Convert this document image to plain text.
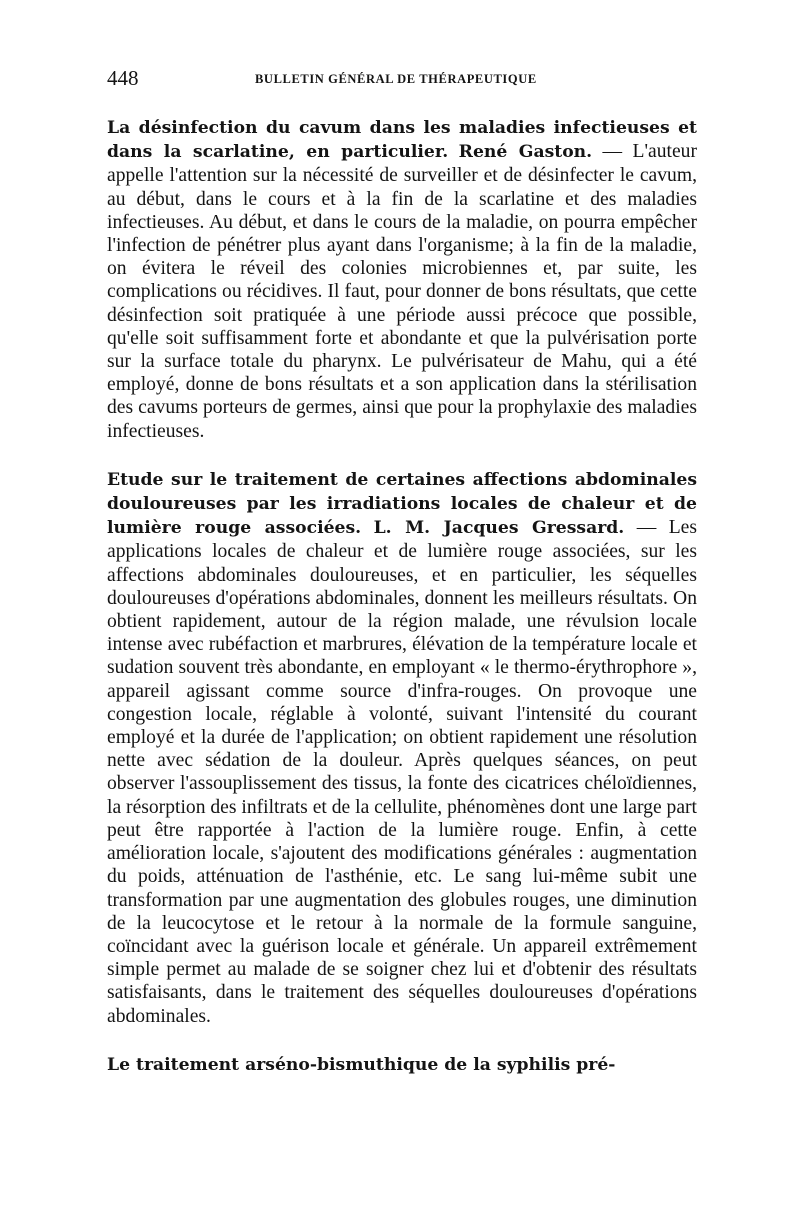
448	BULLETIN GÉNÉRAL DE THÉRAPEUTIQUE

La désinfection du cavum dans les maladies infectieuses et dans la scarlatine, en particulier. René Gaston. — L'auteur appelle l'attention sur la nécessité de surveiller et de désinfecter le cavum, au début, dans le cours et à la fin de la scarlatine et des maladies infectieuses. Au début, et dans le cours de la maladie, on pourra empêcher l'infection de pénétrer plus ayant dans l'organisme; à la fin de la maladie, on évitera le réveil des colonies microbiennes et, par suite, les complications ou récidives. Il faut, pour donner de bons résultats, que cette désinfection soit pratiquée à une période aussi précoce que possible, qu'elle soit suffisamment forte et abondante et que la pulvérisation porte sur la surface totale du pharynx. Le pulvérisateur de Mahu, qui a été employé, donne de bons résultats et a son application dans la stérilisation des cavums porteurs de germes, ainsi que pour la prophylaxie des maladies infectieuses.

Etude sur le traitement de certaines affections abdominales douloureuses par les irradiations locales de chaleur et de lumière rouge associées. L. M. Jacques Gressard. — Les applications locales de chaleur et de lumière rouge associées, sur les affections abdominales douloureuses, et en particulier, les séquelles douloureuses d'opérations abdominales, donnent les meilleurs résultats. On obtient rapidement, autour de la région malade, une révulsion locale intense avec rubéfaction et marbrures, élévation de la température locale et sudation souvent très abondante, en employant « le thermo-érythrophore », appareil agissant comme source d'infra-rouges. On provoque une congestion locale, réglable à volonté, suivant l'intensité du courant employé et la durée de l'application; on obtient rapidement une résolution nette avec sédation de la douleur. Après quelques séances, on peut observer l'assouplissement des tissus, la fonte des cicatrices chéloïdiennes, la résorption des infiltrats et de la cellulite, phénomènes dont une large part peut être rapportée à l'action de la lumière rouge. Enfin, à cette amélioration locale, s'ajoutent des modifications générales : augmentation du poids, atténuation de l'asthénie, etc. Le sang lui-même subit une transformation par une augmentation des globules rouges, une diminution de la leucocytose et le retour à la normale de la formule sanguine, coïncidant avec la guérison locale et générale. Un appareil extrêmement simple permet au malade de se soigner chez lui et d'obtenir des résultats satisfaisants, dans le traitement des séquelles douloureuses d'opérations abdominales.

Le traitement arséno-bismuthique de la syphilis pré-
